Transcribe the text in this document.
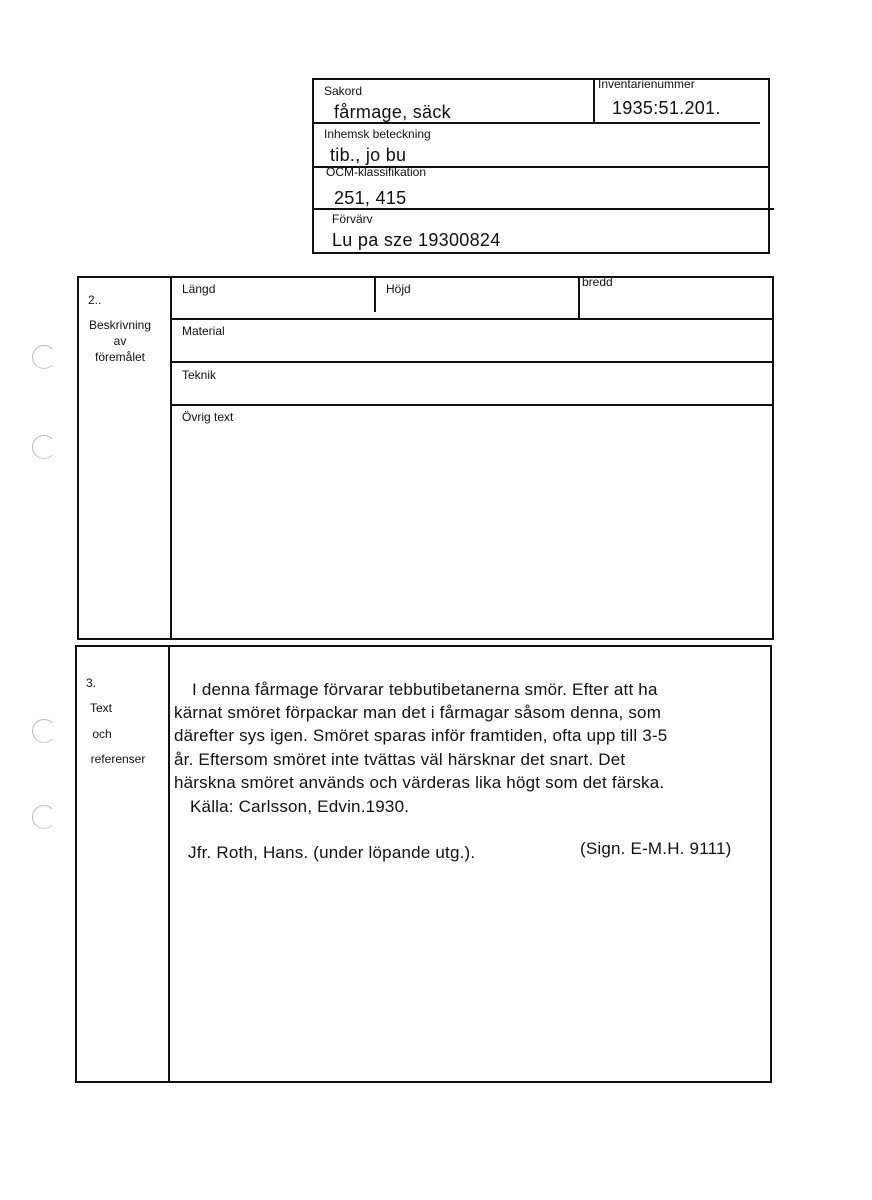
Sakord
fårmage, säck
Inventarienummer
1935:51.201.
Inhemsk beteckning
tib., jo bu
OCM-klassifikation
251, 415
Förvärv
Lu pa sze 19300824
2..
Beskrivning
av
föremålet
Längd	Höjd	bredd
Material
Teknik
Övrig text
3.
Text
och
referenser
I denna fårmage förvarar tebbutibetanerna smör. Efter att ha
kärnat smöret förpackar man det i fårmagar såsom denna, som
därefter sys igen. Smöret sparas inför framtiden, ofta upp till 3-5
år. Eftersom smöret inte tvättas väl härsknar det snart. Det
härskna smöret används och värderas lika högt som det färska.
Källa: Carlsson, Edvin.1930.
Jfr. Roth, Hans. (under löpande utg.).	(Sign. E-M.H. 9111)
